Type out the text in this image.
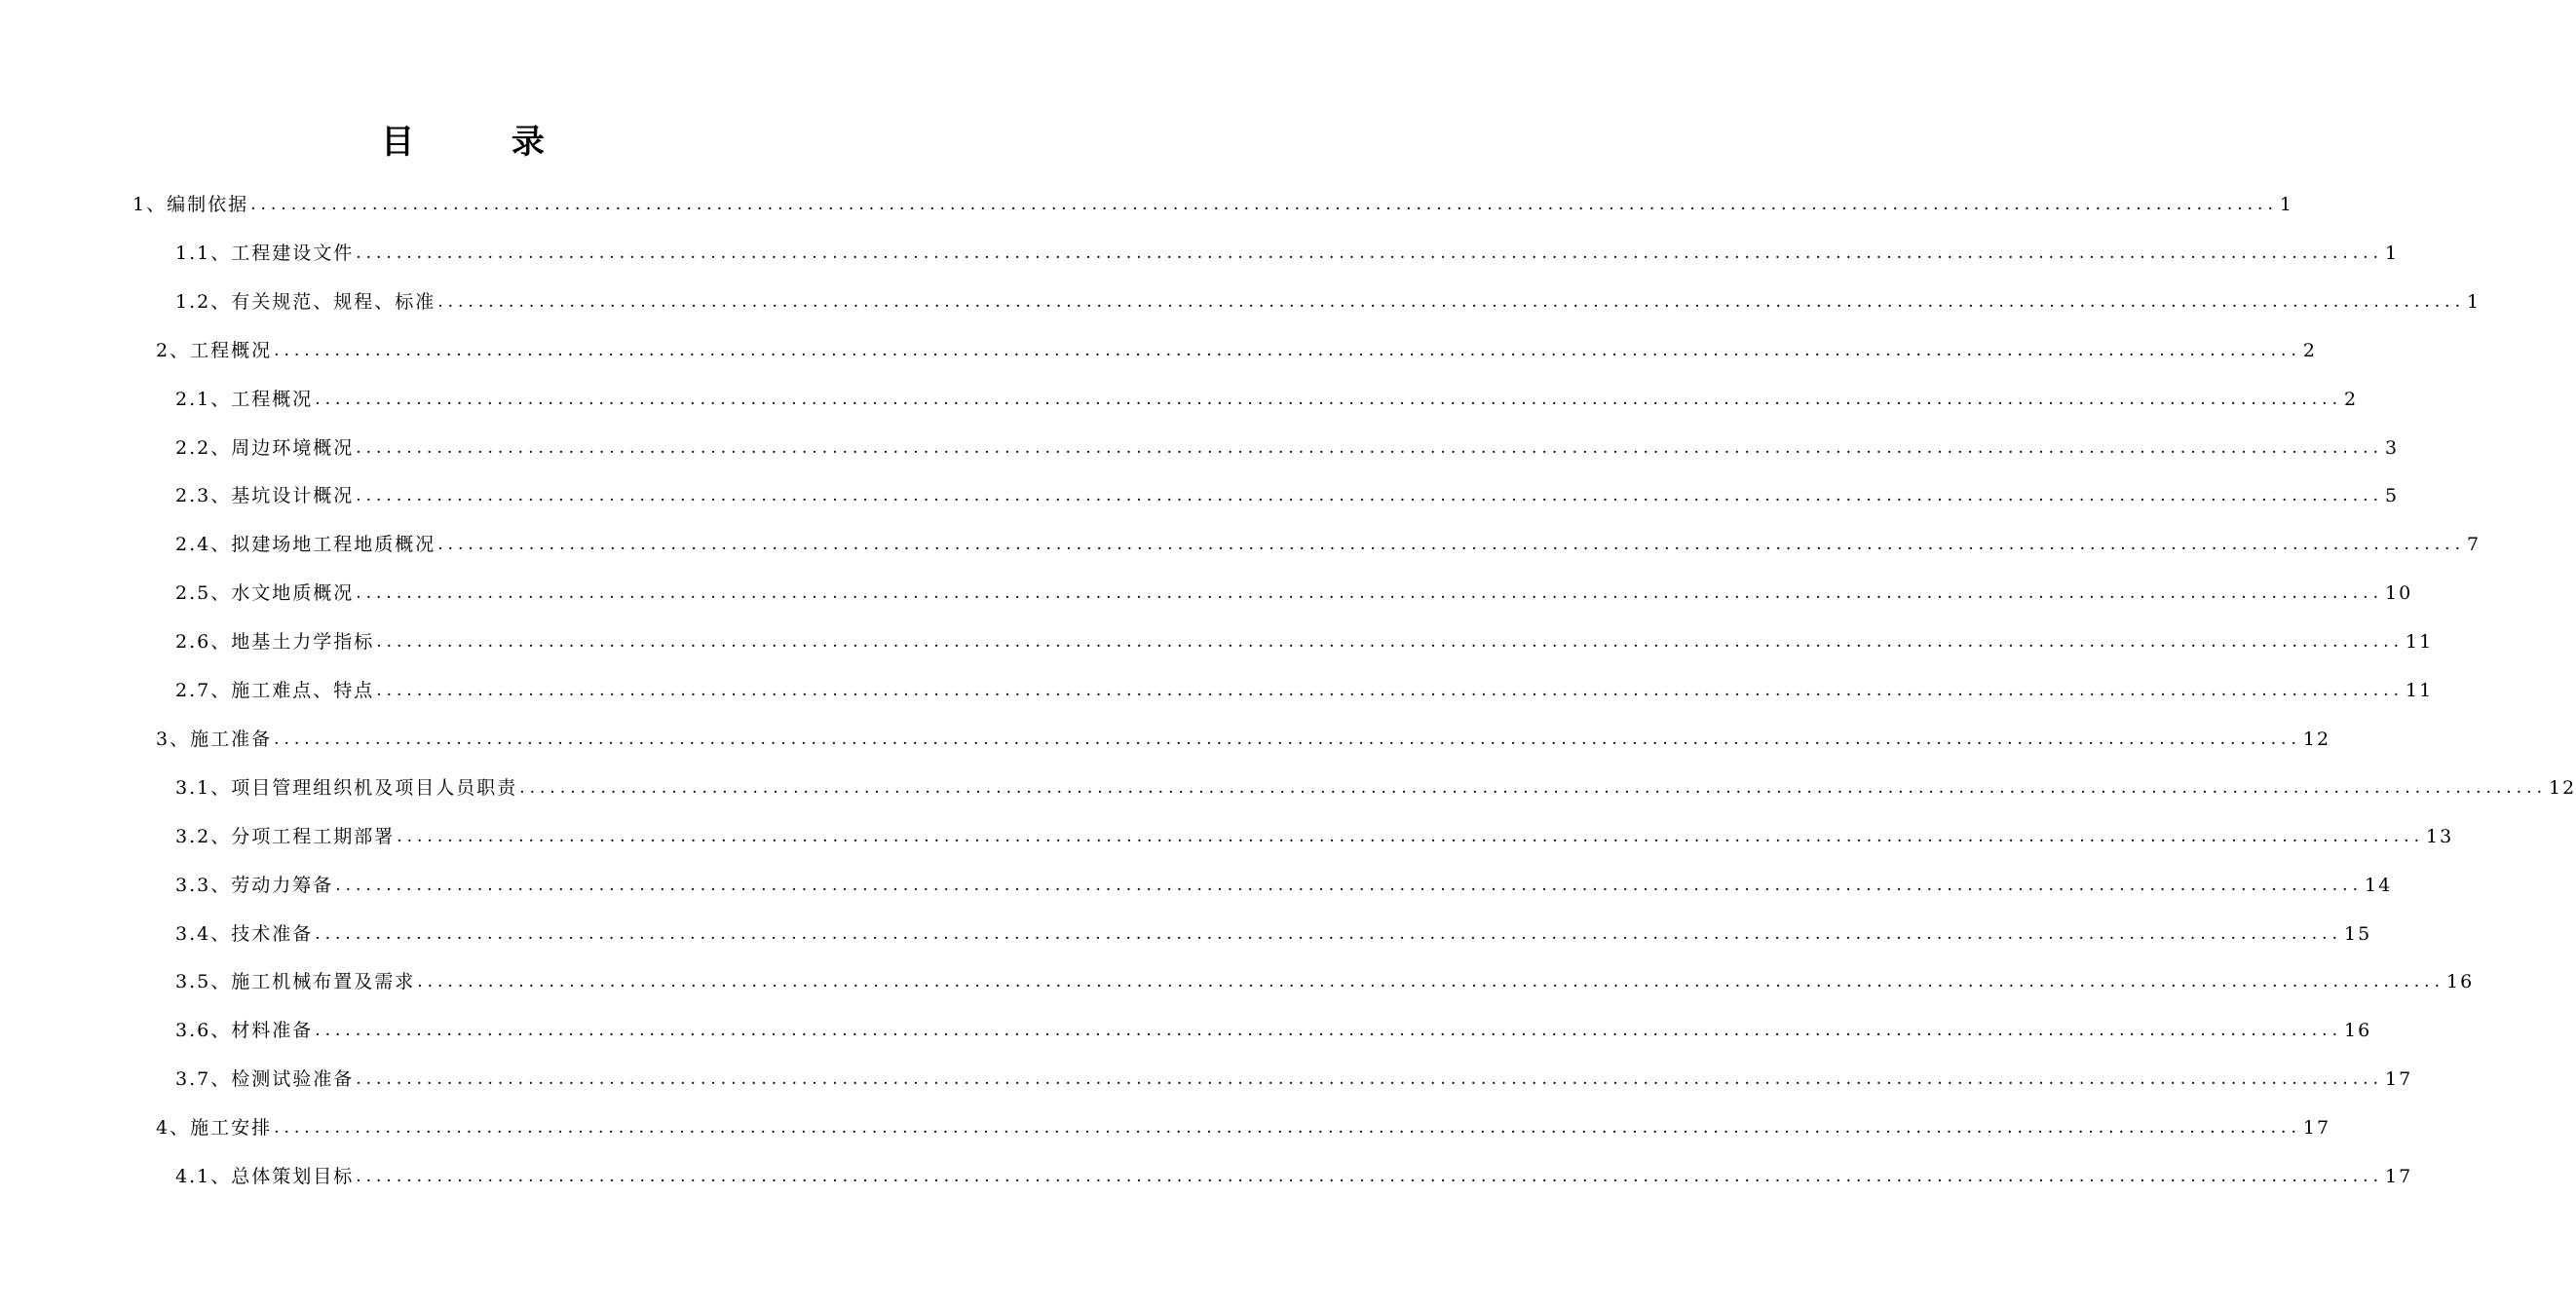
目 录
1、编制依据 ........................................................................................................................................................................................................ 1
1.1、工程建设文件 ........................................................................................................................................................................................................ 1
1.2、有关规范、规程、标准 ........................................................................................................................................................................................................ 1
2、工程概况 ........................................................................................................................................................................................................ 2
2.1、工程概况 ........................................................................................................................................................................................................ 2
2.2、周边环境概况 ........................................................................................................................................................................................................ 3
2.3、基坑设计概况 ........................................................................................................................................................................................................ 5
2.4、拟建场地工程地质概况 ........................................................................................................................................................................................................ 7
2.5、水文地质概况 ........................................................................................................................................................................................................ 10
2.6、地基土力学指标 ........................................................................................................................................................................................................ 11
2.7、施工难点、特点 ........................................................................................................................................................................................................ 11
3、施工准备 ........................................................................................................................................................................................................ 12
3.1、项目管理组织机及项目人员职责 ........................................................................................................................................................................................................ 12
3.2、分项工程工期部署 ........................................................................................................................................................................................................ 13
3.3、劳动力筹备 ........................................................................................................................................................................................................ 14
3.4、技术准备 ........................................................................................................................................................................................................ 15
3.5、施工机械布置及需求 ........................................................................................................................................................................................................ 16
3.6、材料准备 ........................................................................................................................................................................................................ 16
3.7、检测试验准备 ........................................................................................................................................................................................................ 17
4、施工安排 ........................................................................................................................................................................................................ 17
4.1、总体策划目标 ........................................................................................................................................................................................................ 17
